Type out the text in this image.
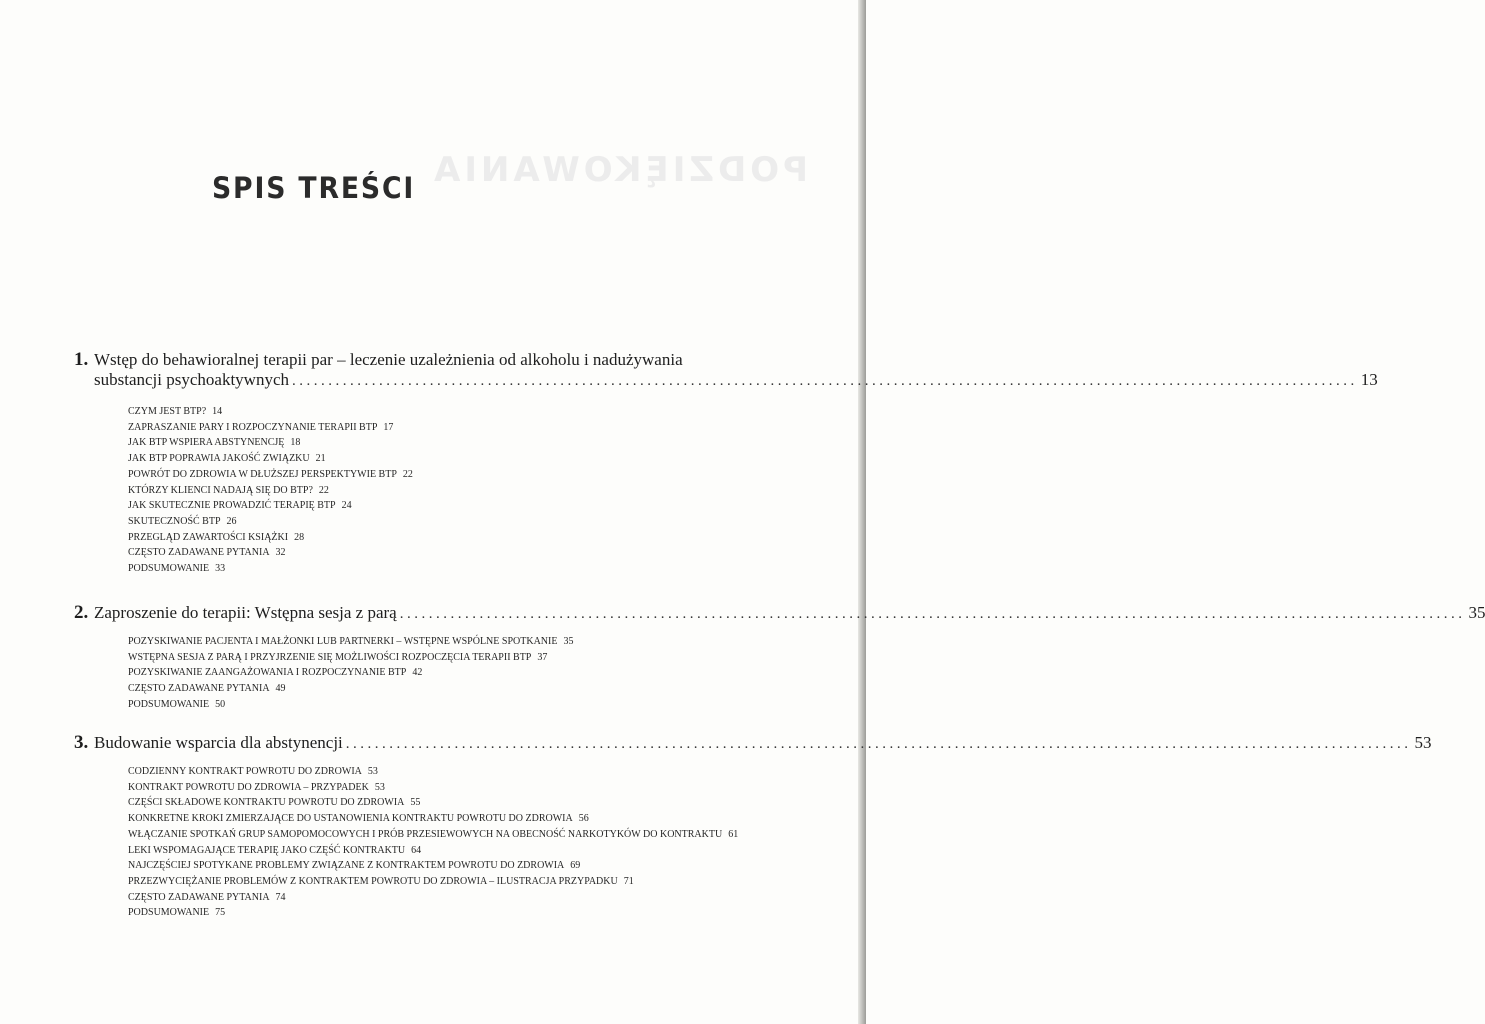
PODZIĘKOWANIA
SPIS TREŚCI
1. Wstęp do behawioralnej terapii par – leczenie uzależnienia od alkoholu i nadużywania
substancji psychoaktywnych ................................................................................................................................................... 13
CZYM JEST BTP? 14
ZAPRASZANIE PARY I ROZPOCZYNANIE TERAPII BTP 17
JAK BTP WSPIERA ABSTYNENCJĘ 18
JAK BTP POPRAWIA JAKOŚĆ ZWIĄZKU 21
POWRÓT DO ZDROWIA W DŁUŻSZEJ PERSPEKTYWIE BTP 22
KTÓRZY KLIENCI NADAJĄ SIĘ DO BTP? 22
JAK SKUTECZNIE PROWADZIĆ TERAPIĘ BTP 24
SKUTECZNOŚĆ BTP 26
PRZEGLĄD ZAWARTOŚCI KSIĄŻKI 28
CZĘSTO ZADAWANE PYTANIA 32
PODSUMOWANIE 33
2. Zaproszenie do terapii: Wstępna sesja z parą ................................................................................................................................................... 35
POZYSKIWANIE PACJENTA I MAŁŻONKI LUB PARTNERKI – WSTĘPNE WSPÓLNE SPOTKANIE 35
WSTĘPNA SESJA Z PARĄ I PRZYJRZENIE SIĘ MOŻLIWOŚCI ROZPOCZĘCIA TERAPII BTP 37
POZYSKIWANIE ZAANGAŻOWANIA I ROZPOCZYNANIE BTP 42
CZĘSTO ZADAWANE PYTANIA 49
PODSUMOWANIE 50
3. Budowanie wsparcia dla abstynencji ................................................................................................................................................... 53
CODZIENNY KONTRAKT POWROTU DO ZDROWIA 53
KONTRAKT POWROTU DO ZDROWIA – PRZYPADEK 53
CZĘŚCI SKŁADOWE KONTRAKTU POWROTU DO ZDROWIA 55
KONKRETNE KROKI ZMIERZAJĄCE DO USTANOWIENIA KONTRAKTU POWROTU DO ZDROWIA 56
WŁĄCZANIE SPOTKAŃ GRUP SAMOPOMOCOWYCH I PRÓB PRZESIEWOWYCH NA OBECNOŚĆ NARKOTYKÓW DO KONTRAKTU 61
LEKI WSPOMAGAJĄCE TERAPIĘ JAKO CZĘŚĆ KONTRAKTU 64
NAJCZĘŚCIEJ SPOTYKANE PROBLEMY ZWIĄZANE Z KONTRAKTEM POWROTU DO ZDROWIA 69
PRZEZWYCIĘŻANIE PROBLEMÓW Z KONTRAKTEM POWROTU DO ZDROWIA – ILUSTRACJA PRZYPADKU 71
CZĘSTO ZADAWANE PYTANIA 74
PODSUMOWANIE 75
